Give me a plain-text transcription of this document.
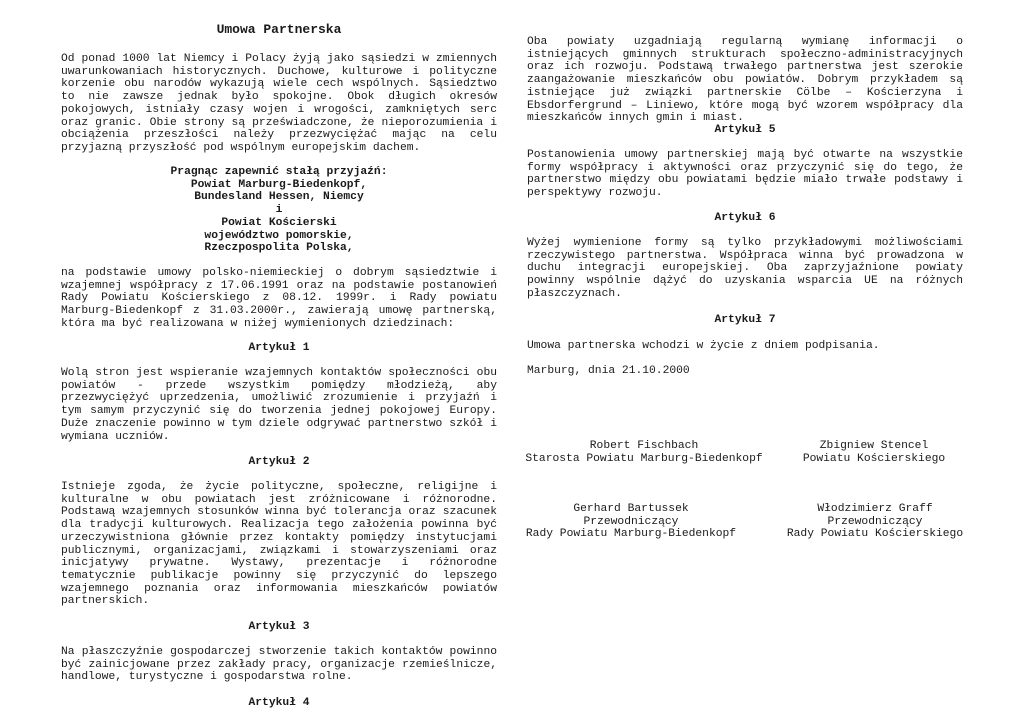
Umowa Partnerska

Od ponad 1000 lat Niemcy i Polacy żyją jako sąsiedzi w zmiennych uwarunkowaniach historycznych. Duchowe, kulturowe i polityczne korzenie obu narodów wykazują wiele cech wspólnych. Sąsiedztwo to nie zawsze jednak było spokojne. Obok długich okresów pokojowych, istniały czasy wojen i wrogości, zamkniętych serc oraz granic. Obie strony są przeświadczone, że nieporozumienia i obciążenia przeszłości należy przezwyciężać mając na celu przyjazną przyszłość pod wspólnym europejskim dachem.

Pragnąc zapewnić stałą przyjaźń:
Powiat Marburg-Biedenkopf,
Bundesland Hessen, Niemcy
i
Powiat Kościerski
województwo pomorskie,
Rzeczpospolita Polska,

na podstawie umowy polsko-niemieckiej o dobrym sąsiedztwie i wzajemnej współpracy z 17.06.1991 oraz na podstawie postanowień Rady Powiatu Kościerskiego z 08.12. 1999r. i Rady powiatu Marburg-Biedenkopf z 31.03.2000r., zawierają umowę partnerską, która ma być realizowana w niżej wymienionych dziedzinach:

Artykuł 1

Wolą stron jest wspieranie wzajemnych kontaktów społeczności obu powiatów - przede wszystkim pomiędzy młodzieżą, aby przezwyciężyć uprzedzenia, umożliwić zrozumienie i przyjaźń i tym samym przyczynić się do tworzenia jednej pokojowej Europy. Duże znaczenie powinno w tym dziele odgrywać partnerstwo szkół i wymiana uczniów.

Artykuł 2

Istnieje zgoda, że życie polityczne, społeczne, religijne i kulturalne w obu powiatach jest zróżnicowane i różnorodne. Podstawą wzajemnych stosunków winna być tolerancja oraz szacunek dla tradycji kulturowych. Realizacja tego założenia powinna być urzeczywistniona głównie przez kontakty pomiędzy instytucjami publicznymi, organizacjami, związkami i stowarzyszeniami oraz inicjatywy prywatne. Wystawy, prezentacje i różnorodne tematycznie publikacje powinny się przyczynić do lepszego wzajemnego poznania oraz informowania mieszkańców powiatów partnerskich.

Artykuł 3

Na płaszczyźnie gospodarczej stworzenie takich kontaktów powinno być zainicjowane przez zakłady pracy, organizacje rzemieślnicze, handlowe, turystyczne i gospodarstwa rolne.

Artykuł 4

Oba powiaty uzgadniają regularną wymianę informacji o istniejących gminnych strukturach społeczno-administracyjnych oraz ich rozwoju. Podstawą trwałego partnerstwa jest szerokie zaangażowanie mieszkańców obu powiatów. Dobrym przykładem są istniejące już związki partnerskie Cölbe – Kościerzyna i Ebsdorfergrund – Liniewo, które mogą być wzorem współpracy dla mieszkańców innych gmin i miast.

Artykuł 5

Postanowienia umowy partnerskiej mają być otwarte na wszystkie formy współpracy i aktywności oraz przyczynić się do tego, że partnerstwo między obu powiatami będzie miało trwałe podstawy i perspektywy rozwoju.

Artykuł 6

Wyżej wymienione formy są tylko przykładowymi możliwościami rzeczywistego partnerstwa. Współpraca winna być prowadzona w duchu integracji europejskiej. Oba zaprzyjaźnione powiaty powinny wspólnie dążyć do uzyskania wsparcia UE na różnych płaszczyznach.

Artykuł 7

Umowa partnerska wchodzi w życie z dniem podpisania.

Marburg, dnia 21.10.2000

Robert Fischbach
Starosta Powiatu Marburg-Biedenkopf
Zbigniew Stencel
Powiatu Kościerskiego
Gerhard Bartussek
Przewodniczący
Rady Powiatu Marburg-Biedenkopf
Włodzimierz Graff
Przewodniczący
Rady Powiatu Kościerskiego
